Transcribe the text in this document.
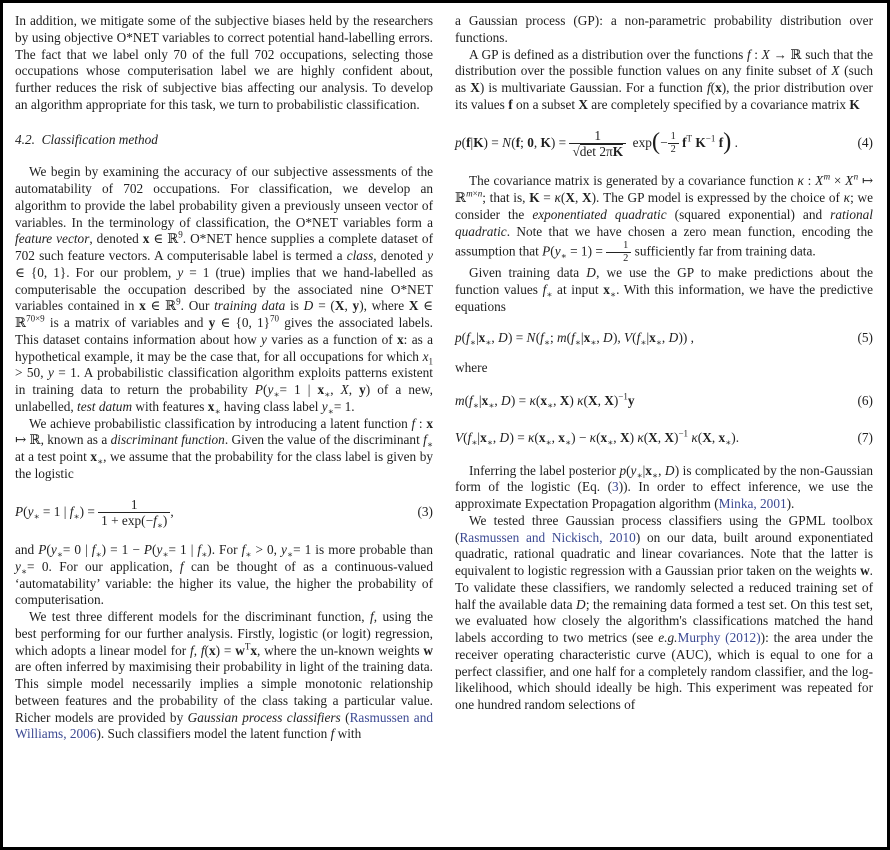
In addition, we mitigate some of the subjective biases held by the researchers by using objective O*NET variables to correct potential hand-labelling errors. The fact that we label only 70 of the full 702 occupations, selecting those occupations whose computerisation label we are highly confident about, further reduces the risk of subjective bias affecting our analysis. To develop an algorithm appropriate for this task, we turn to probabilistic classification.

4.2.  Classification method

We begin by examining the accuracy of our subjective assessments of the automatability of 702 occupations. For classification, we develop an algorithm to provide the label probability given a previously unseen vector of variables. In the terminology of classification, the O*NET variables form a feature vector, denoted x ∈ ℝ$^9$. O*NET hence supplies a complete dataset of 702 such feature vectors. A computerisable label is termed a class, denoted y ∈ {0, 1}. For our problem, y = 1 (true) implies that we hand-labelled as computerisable the occupation described by the associated nine O*NET variables contained in x ∈ ℝ$^9$. Our training data is D = (X, y), where X ∈ ℝ$^{70\times 9}$ is a matrix of variables and y ∈ {0, 1}$^{70}$ gives the associated labels. This dataset contains information about how y varies as a function of x: as a hypothetical example, it may be the case that, for all occupations for which $x_1 > 50$, y = 1. A probabilistic classification algorithm exploits patterns existent in training data to return the probability $P(y_∗= 1$ | $x_∗$, X, y) of a new, unlabelled, test datum with features $x_∗$ having class label $y_∗= 1$.

We achieve probabilistic classification by introducing a latent function f : x ↦ ℝ, known as a discriminant function. Given the value of the discriminant $f_∗$ at a test point $x_∗$, we assume that the probability for the class label is given by the logistic

$P(y_∗ = 1$ | $f_∗) = \frac{1}{1 + \exp(-f_∗)}$ ,	(3)

and $P(y_∗= 0$ | $f_∗) = 1 - P(y_∗= 1$ | $f_∗$). For $f_∗ > 0$, $y_∗= 1$ is more probable than $y_∗= 0$. For our application, f can be thought of as a continuous-valued ‘automatability’ variable: the higher its value, the higher the probability of computerisation.

We test three different models for the discriminant function, f, using the best performing for our further analysis. Firstly, logistic (or logit) regression, which adopts a linear model for f, $f(x) = w^Tx$, where the un-known weights w are often inferred by maximising their probability in light of the training data. This simple model necessarily implies a simple monotonic relationship between features and the probability of the class taking a particular value. Richer models are provided by Gaussian process classifiers (Rasmussen and Williams, 2006). Such classifiers model the latent function f with

a Gaussian process (GP): a non-parametric probability distribution over functions.

A GP is defined as a distribution over the functions f : X → ℝ such that the distribution over the possible function values on any finite subset of X (such as X) is multivariate Gaussian. For a function f(x), the prior distribution over its values f on a subset X are completely specified by a covariance matrix K

p(f|K) = N(f; 0, $K) = \frac{1}{√\det 2\pi K} \exp(- \frac{1}{2} f^T$ $K^{-1}$ f) .	(4)

The covariance matrix is generated by a covariance function κ : $X^m \times X^n$ ↦ ℝ$^{m\times n}$; that is, K = κ(X, X). The GP model is expressed by the choice of κ; we consider the exponentiated quadratic (squared exponential) and rational quadratic. Note that we have chosen a zero mean function, encoding the assumption that $P(y_∗ = 1) = \frac{1}{2}$ sufficiently far from training data.

Given training data D, we use the GP to make predictions about the function values $f_∗$ at input $x_∗$. With this information, we have the predictive equations

$p(f_∗|x_∗$, $D) = N(f_∗$; $m(f_∗|x_∗$, D), $V(f_∗|x_∗$, D)) ,	(5)

where

$m(f_∗|x_∗$, $D) = \kappa(x_∗$, X) κ(X, X)$^{-1}$y	(6)
$V(f_∗|x_∗$, $D) = \kappa(x_∗$, $x_∗) - \kappa(x_∗$, X) κ(X, X)$^{-1}$ κ(X, $x_∗$).	(7)

Inferring the label posterior $p(y_∗|x_∗$, D) is complicated by the non-Gaussian form of the logistic (Eq. (3)). In order to effect inference, we use the approximate Expectation Propagation algorithm (Minka, 2001).

We tested three Gaussian process classifiers using the GPML toolbox (Rasmussen and Nickisch, 2010) on our data, built around exponentiated quadratic, rational quadratic and linear covariances. Note that the latter is equivalent to logistic regression with a Gaussian prior taken on the weights w. To validate these classifiers, we randomly selected a reduced training set of half the available data D; the remaining data formed a test set. On this test set, we evaluated how closely the algorithm's classifications matched the hand labels according to two metrics (see e.g.Murphy (2012)): the area under the receiver operating characteristic curve (AUC), which is equal to one for a perfect classifier, and one half for a completely random classifier, and the log-likelihood, which should ideally be high. This experiment was repeated for one hundred random selections of
